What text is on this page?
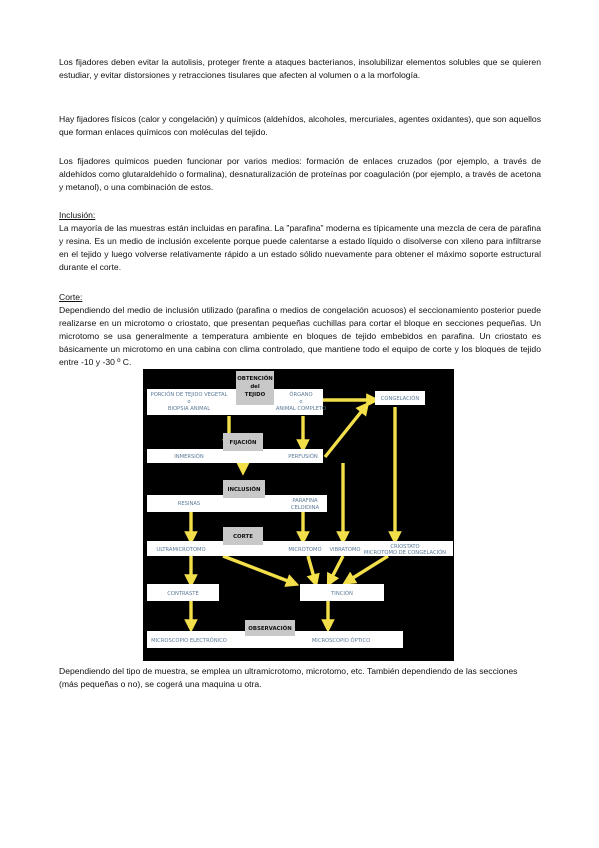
Los fijadores deben evitar la autolisis, proteger frente a ataques bacterianos, insolubilizar elementos solubles que se quieren estudiar, y evitar distorsiones y retracciones tisulares que afecten al volumen o a la morfología.

Hay fijadores físicos (calor y congelación) y químicos (aldehídos, alcoholes, mercuriales, agentes oxidantes), que son aquellos que forman enlaces químicos con moléculas del tejido.

Los fijadores químicos pueden funcionar por varios medios: formación de enlaces cruzados (por ejemplo, a través de aldehídos como glutaraldehído o formalina), desnaturalización de proteínas por coagulación (por ejemplo, a través de acetona y metanol), o una combinación de estos.

Inclusión:
La mayoría de las muestras están incluidas en parafina. La "parafina" moderna es típicamente una mezcla de cera de parafina y resina. Es un medio de inclusión excelente porque puede calentarse a estado líquido o disolverse con xileno para infiltrarse en el tejido y luego volverse relativamente rápido a un estado sólido nuevamente para obtener el máximo soporte estructural durante el corte.
Corte:
Dependiendo del medio de inclusión utilizado (parafina o medios de congelación acuosos) el seccionamiento posterior puede realizarse en un microtomo o criostato, que presentan pequeñas cuchillas para cortar el bloque en secciones pequeñas. Un microtomo se usa generalmente a temperatura ambiente en bloques de tejido embebidos en parafina. Un criostato es básicamente un microtomo en una cabina con clima controlado, que mantiene todo el equipo de corte y los bloques de tejido entre -10 y -30 º C.
OBTENCIÓN
del
TEJIDO
PORCIÓN DE TEJIDO VEGETAL
o
BIOPSIA ANIMAL
ÓRGANO
o
ANIMAL COMPLETO
CONGELACIÓN
FIJACIÓN
INMERSIÓN	PERFUSIÓN
INCLUSIÓN
RESINAS	PARAFINA
CELOIDINA
CORTE
ULTRAMICROTOMO	MICROTOMO VIBRATOMO	CRIOSTATO
MICROTOMO DE CONGELACIÓN
CONTRASTE	TINCIÓN
OBSERVACIÓN
MICROSCOPIO ELECTRÓNICO	MICROSCOPIO ÓPTICO

Dependiendo del tipo de muestra, se emplea un ultramicrotomo, microtomo, etc. También dependiendo de las secciones (más pequeñas o no), se cogerá una maquina u otra.
